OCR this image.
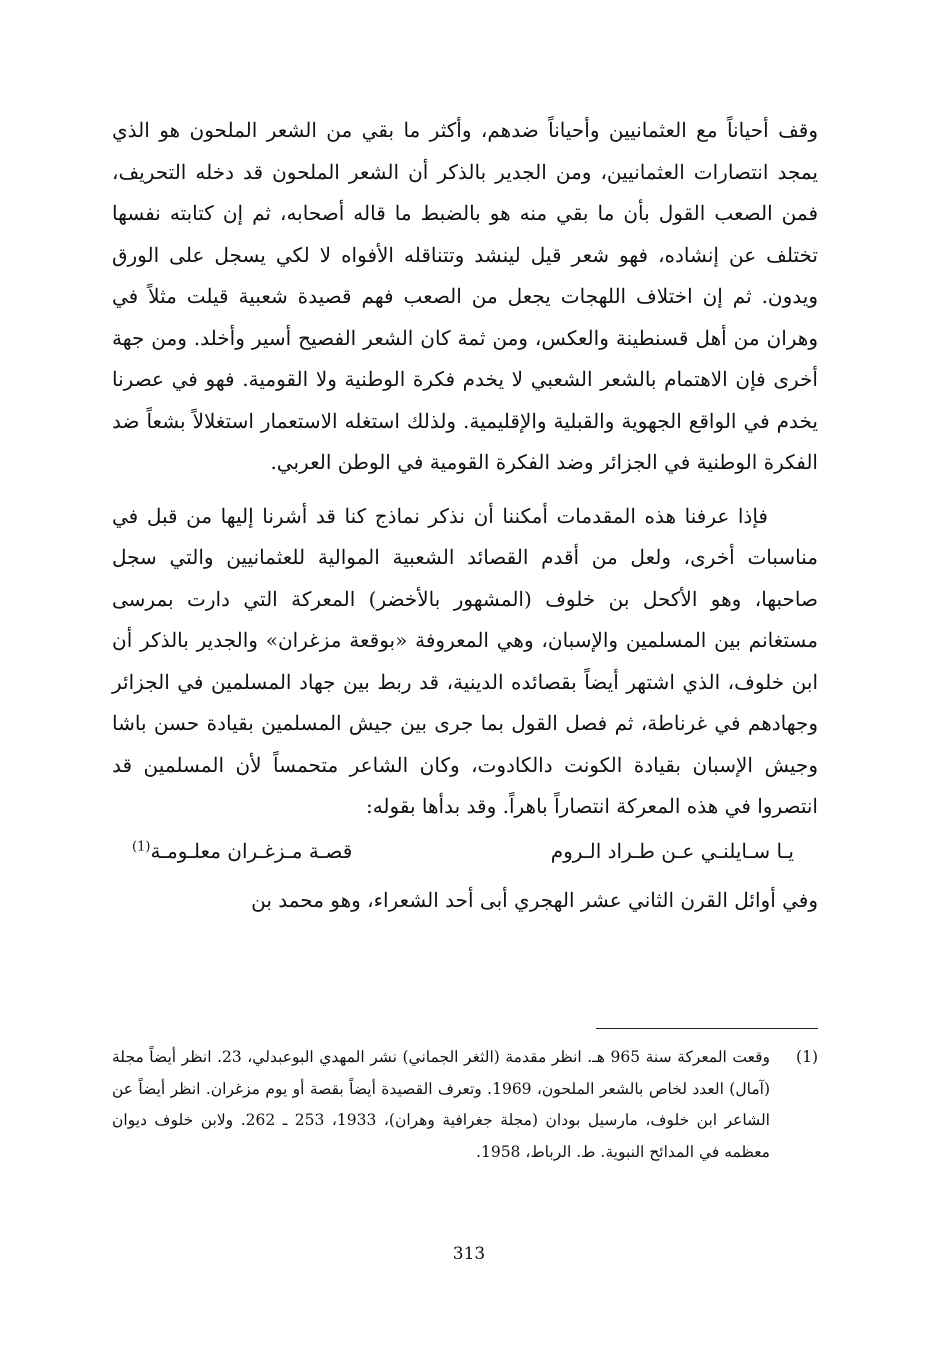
وقف أحياناً مع العثمانيين وأحياناً ضدهم، وأكثر ما بقي من الشعر الملحون هو الذي يمجد انتصارات العثمانيين، ومن الجدير بالذكر أن الشعر الملحون قد دخله التحريف، فمن الصعب القول بأن ما بقي منه هو بالضبط ما قاله أصحابه، ثم إن كتابته نفسها تختلف عن إنشاده، فهو شعر قيل لينشد وتتناقله الأفواه لا لكي يسجل على الورق ويدون. ثم إن اختلاف اللهجات يجعل من الصعب فهم قصيدة شعبية قيلت مثلاً في وهران من أهل قسنطينة والعكس، ومن ثمة كان الشعر الفصيح أسير وأخلد. ومن جهة أخرى فإن الاهتمام بالشعر الشعبي لا يخدم فكرة الوطنية ولا القومية. فهو في عصرنا يخدم في الواقع الجهوية والقبلية والإقليمية. ولذلك استغله الاستعمار استغلالاً بشعاً ضد الفكرة الوطنية في الجزائر وضد الفكرة القومية في الوطن العربي.

فإذا عرفنا هذه المقدمات أمكننا أن نذكر نماذج كنا قد أشرنا إليها من قبل في مناسبات أخرى، ولعل من أقدم القصائد الشعبية الموالية للعثمانيين والتي سجل صاحبها، وهو الأكحل بن خلوف (المشهور بالأخضر) المعركة التي دارت بمرسى مستغانم بين المسلمين والإسبان، وهي المعروفة «بوقعة مزغران» والجدير بالذكر أن ابن خلوف، الذي اشتهر أيضاً بقصائده الدينية، قد ربط بين جهاد المسلمين في الجزائر وجهادهم في غرناطة، ثم فصل القول بما جرى بين جيش المسلمين بقيادة حسن باشا وجيش الإسبان بقيادة الكونت دالكادوت، وكان الشاعر متحمساً لأن المسلمين قد انتصروا في هذه المعركة انتصاراً باهراً. وقد بدأها بقوله:

يـا سـايلنـي عـن طـراد الـروم
قصـة مـزغـران معلـومـة$^{(1)}$

وفي أوائل القرن الثاني عشر الهجري أبى أحد الشعراء، وهو محمد بن

(1)
وقعت المعركة سنة 965 هـ. انظر مقدمة (الثغر الجماني) نشر المهدي البوعبدلي، 23. انظر أيضاً مجلة (آمال) العدد لخاص بالشعر الملحون، 1969. وتعرف القصيدة أيضاً بقصة أو يوم مزغران. انظر أيضاً عن الشاعر ابن خلوف، مارسيل بودان (مجلة جغرافية وهران)، 1933، 253 ـ 262. ولابن خلوف ديوان معظمه في المدائح النبوية. ط. الرباط، 1958.
313
